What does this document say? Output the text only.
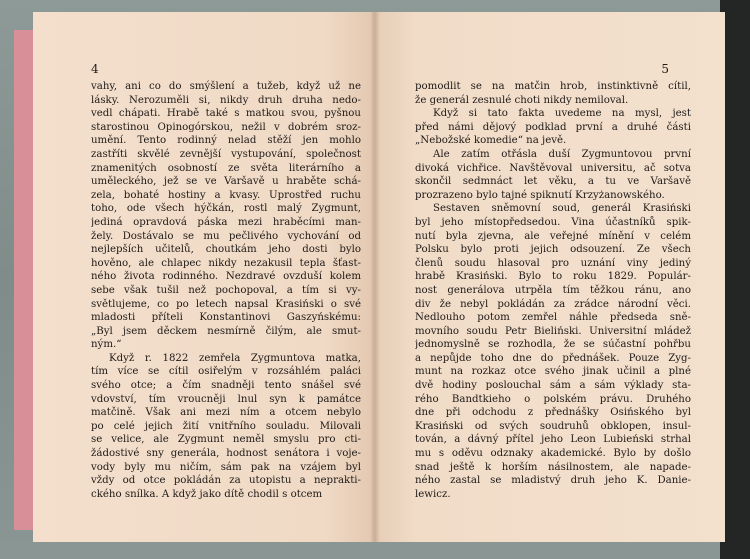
4
vahy, ani co do smýšlení a tužeb, když už ne
lásky. Nerozuměli si, nikdy druh druha nedo-
vedl chápati. Hrabě také s matkou svou, pyšnou
starostinou Opinogórskou, nežil v dobrém sroz-
umění. Tento rodinný nelad stěží jen mohlo
zastříti skvělé zevnější vystupování, společnost
znamenitých osobností ze světa literárního a
uměleckého, jež se ve Varšavě u hraběte schá-
zela, bohaté hostiny a kvasy. Uprostřed ruchu
toho, ode všech hýčkán, rostl malý Zygmunt,
jediná opravdová páska mezi hraběcími man-
žely. Dostávalo se mu pečlivého vychování od
nejlepších učitelů, choutkám jeho dosti bylo
hověno, ale chlapec nikdy nezakusil tepla šťast-
ného života rodinného. Nezdravé ovzduší kolem
sebe však tušil než pochopoval, a tím si vy-
světlujeme, co po letech napsal Krasiński o své
mladosti příteli Konstantinovi Gaszyńskému:
„Byl jsem děckem nesmírně čilým, ale smut-
ným.“
Když r. 1822 zemřela Zygmuntova matka,
tím více se cítil osiřelým v rozsáhlém paláci
svého otce; a čím snadněji tento snášel své
vdovství, tím vroucněji lnul syn k památce
matčině. Však ani mezi ním a otcem nebylo
po celé jejich žití vnitřního souladu. Milovali
se velice, ale Zygmunt neměl smyslu pro cti-
žádostivé sny generála, hodnost senátora i voje-
vody byly mu ničím, sám pak na vzájem byl
vždy od otce pokládán za utopistu a neprakti-
ckého snílka. A když jako dítě chodil s otcem
5
pomodlit se na matčin hrob, instinktivně cítil,
že generál zesnulé choti nikdy nemiloval.
Když si tato fakta uvedeme na mysl, jest
před námi dějový podklad první a druhé části
„Nebožské komedie“ na jevě.
Ale zatím otřásla duší Zygmuntovou první
divoká vichřice. Navštěvoval universitu, ač sotva
skončil sedmnáct let věku, a tu ve Varšavě
prozrazeno bylo tajné spiknutí Krzyżanowského.
Sestaven sněmovní soud, generál Krasiński
byl jeho místopředsedou. Vina účastníků spik-
nutí byla zjevna, ale veřejné mínění v celém
Polsku bylo proti jejich odsouzení. Ze všech
členů soudu hlasoval pro uznání viny jediný
hrabě Krasiński. Bylo to roku 1829. Populár-
nost generálova utrpěla tím těžkou ránu, ano
div že nebyl pokládán za zrádce národní věci.
Nedlouho potom zemřel náhle předseda sně-
movního soudu Petr Bieliński. Universitní mládež
jednomyslně se rozhodla, že se súčastní pohřbu
a nepůjde toho dne do přednášek. Pouze Zyg-
munt na rozkaz otce svého jinak učinil a plné
dvě hodiny poslouchal sám a sám výklady sta-
rého Bandtkieho o polském právu. Druhého
dne při odchodu z přednášky Osińského byl
Krasiński od svých soudruhů obklopen, insul-
tován, a dávný přítel jeho Leon Lubieński strhal
mu s oděvu odznaky akademické. Bylo by došlo
snad ještě k horším násilnostem, ale napade-
ného zastal se mladistvý druh jeho K. Danie-
lewicz.
